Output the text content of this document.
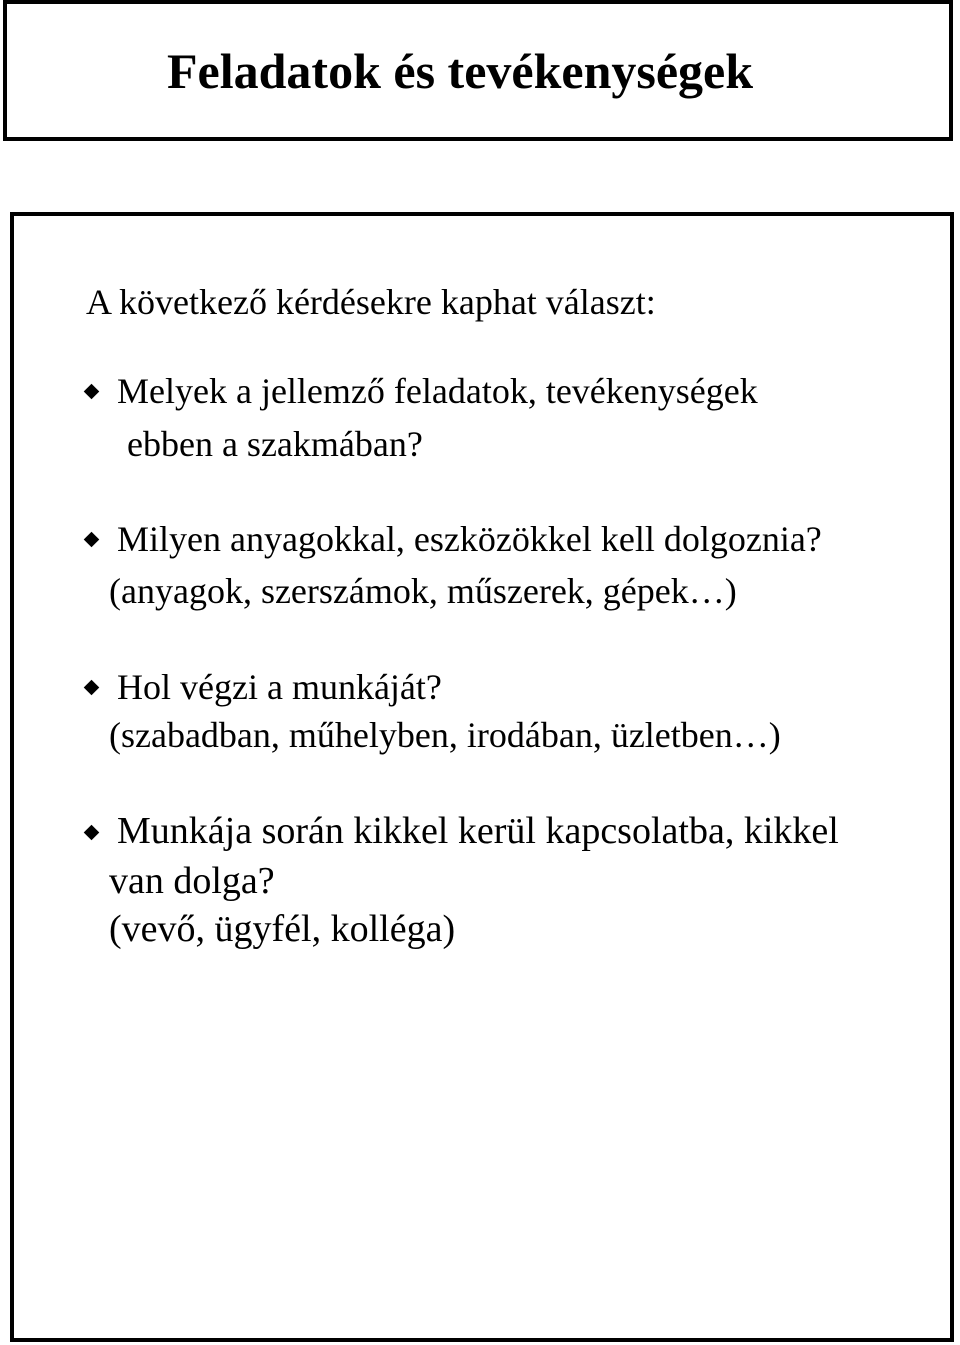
Feladatok és tevékenységek
A következő kérdésekre kaphat választ:
Melyek a jellemző feladatok, tevékenységek
ebben a szakmában?
Milyen anyagokkal, eszközökkel kell dolgoznia?
(anyagok, szerszámok, műszerek, gépek…)
Hol végzi a munkáját?
(szabadban, műhelyben, irodában, üzletben…)
Munkája során kikkel kerül kapcsolatba, kikkel
van dolga?
(vevő, ügyfél, kolléga)
